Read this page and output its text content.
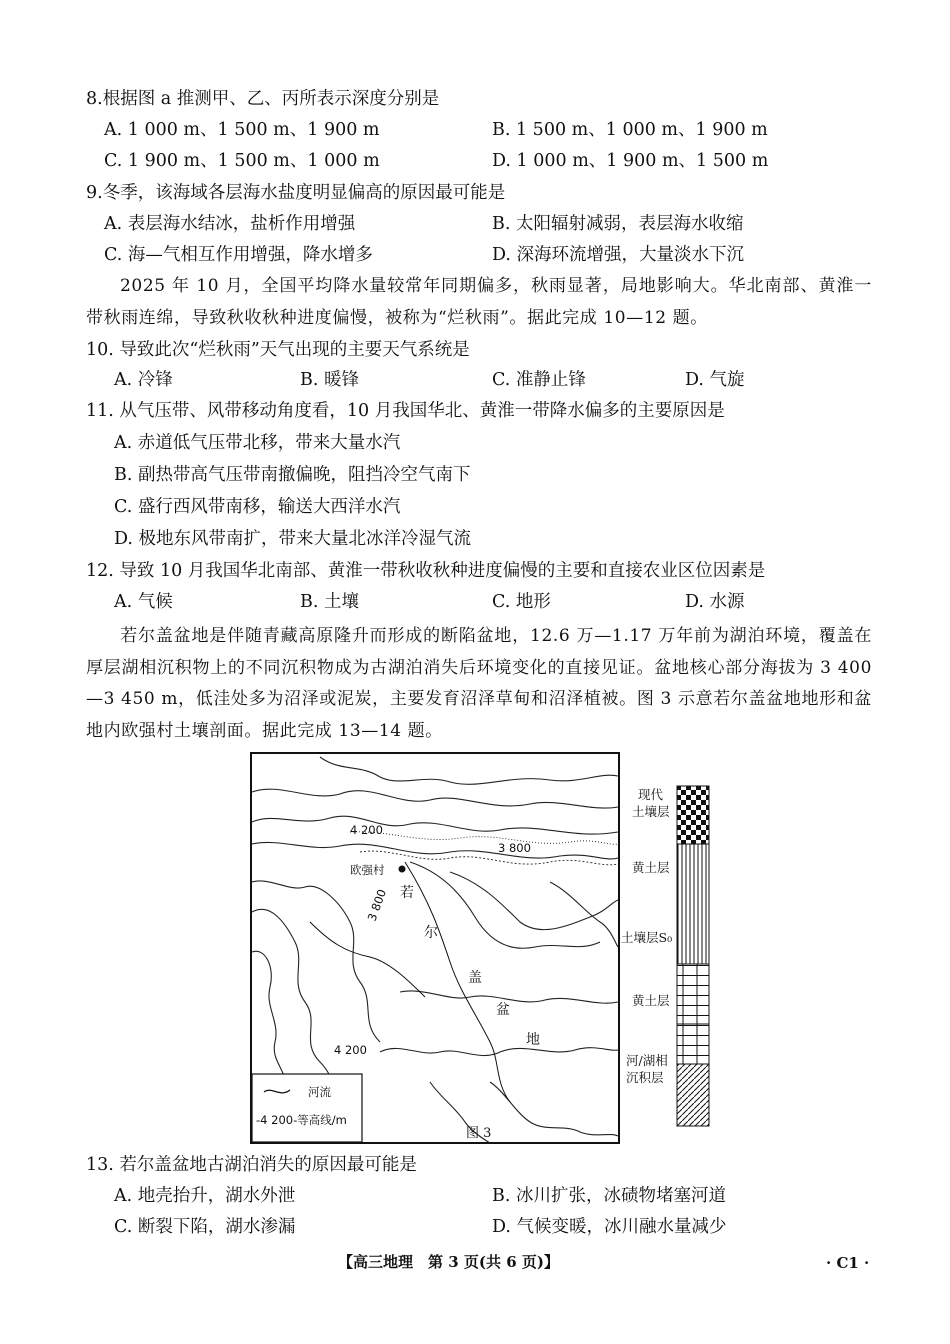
8.根据图 a 推测甲、乙、丙所表示深度分别是
A. 1 000 m、1 500 m、1 900 m	B. 1 500 m、1 000 m、1 900 m
C. 1 900 m、1 500 m、1 000 m	D. 1 000 m、1 900 m、1 500 m
9.冬季，该海域各层海水盐度明显偏高的原因最可能是
A. 表层海水结冰，盐析作用增强	B. 太阳辐射减弱，表层海水收缩
C. 海—气相互作用增强，降水增多	D. 深海环流增强，大量淡水下沉
2025 年 10 月，全国平均降水量较常年同期偏多，秋雨显著，局地影响大。华北南部、黄淮一带秋雨连绵，导致秋收秋种进度偏慢，被称为“烂秋雨”。据此完成 10—12 题。
10. 导致此次“烂秋雨”天气出现的主要天气系统是
A. 冷锋	B. 暖锋	C. 准静止锋	D. 气旋
11. 从气压带、风带移动角度看，10 月我国华北、黄淮一带降水偏多的主要原因是
A. 赤道低气压带北移，带来大量水汽
B. 副热带高气压带南撤偏晚，阻挡冷空气南下
C. 盛行西风带南移，输送大西洋水汽
D. 极地东风带南扩，带来大量北冰洋冷湿气流
12. 导致 10 月我国华北南部、黄淮一带秋收秋种进度偏慢的主要和直接农业区位因素是
A. 气候	B. 土壤	C. 地形	D. 水源
若尔盖盆地是伴随青藏高原隆升而形成的断陷盆地，12.6 万—1.17 万年前为湖泊环境，覆盖在厚层湖相沉积物上的不同沉积物成为古湖泊消失后环境变化的直接见证。盆地核心部分海拔为 3 400—3 450 m，低洼处多为沼泽或泥炭，主要发育沼泽草甸和沼泽植被。图 3 示意若尔盖盆地地形和盆地内欧强村土壤剖面。据此完成 13—14 题。
4 200
3 800
3 800
4 200
欧强村
若
尔
盖
盆
地
河流
-4 200-等高线/m
现代
土壤层
黄土层
土壤层S₀
黄土层
河/湖相
沉积层
图 3
13. 若尔盖盆地古湖泊消失的原因最可能是
A. 地壳抬升，湖水外泄	B. 冰川扩张，冰碛物堵塞河道
C. 断裂下陷，湖水渗漏	D. 气候变暖，冰川融水量减少
【高三地理　第 3 页(共 6 页)】	· C1 ·
